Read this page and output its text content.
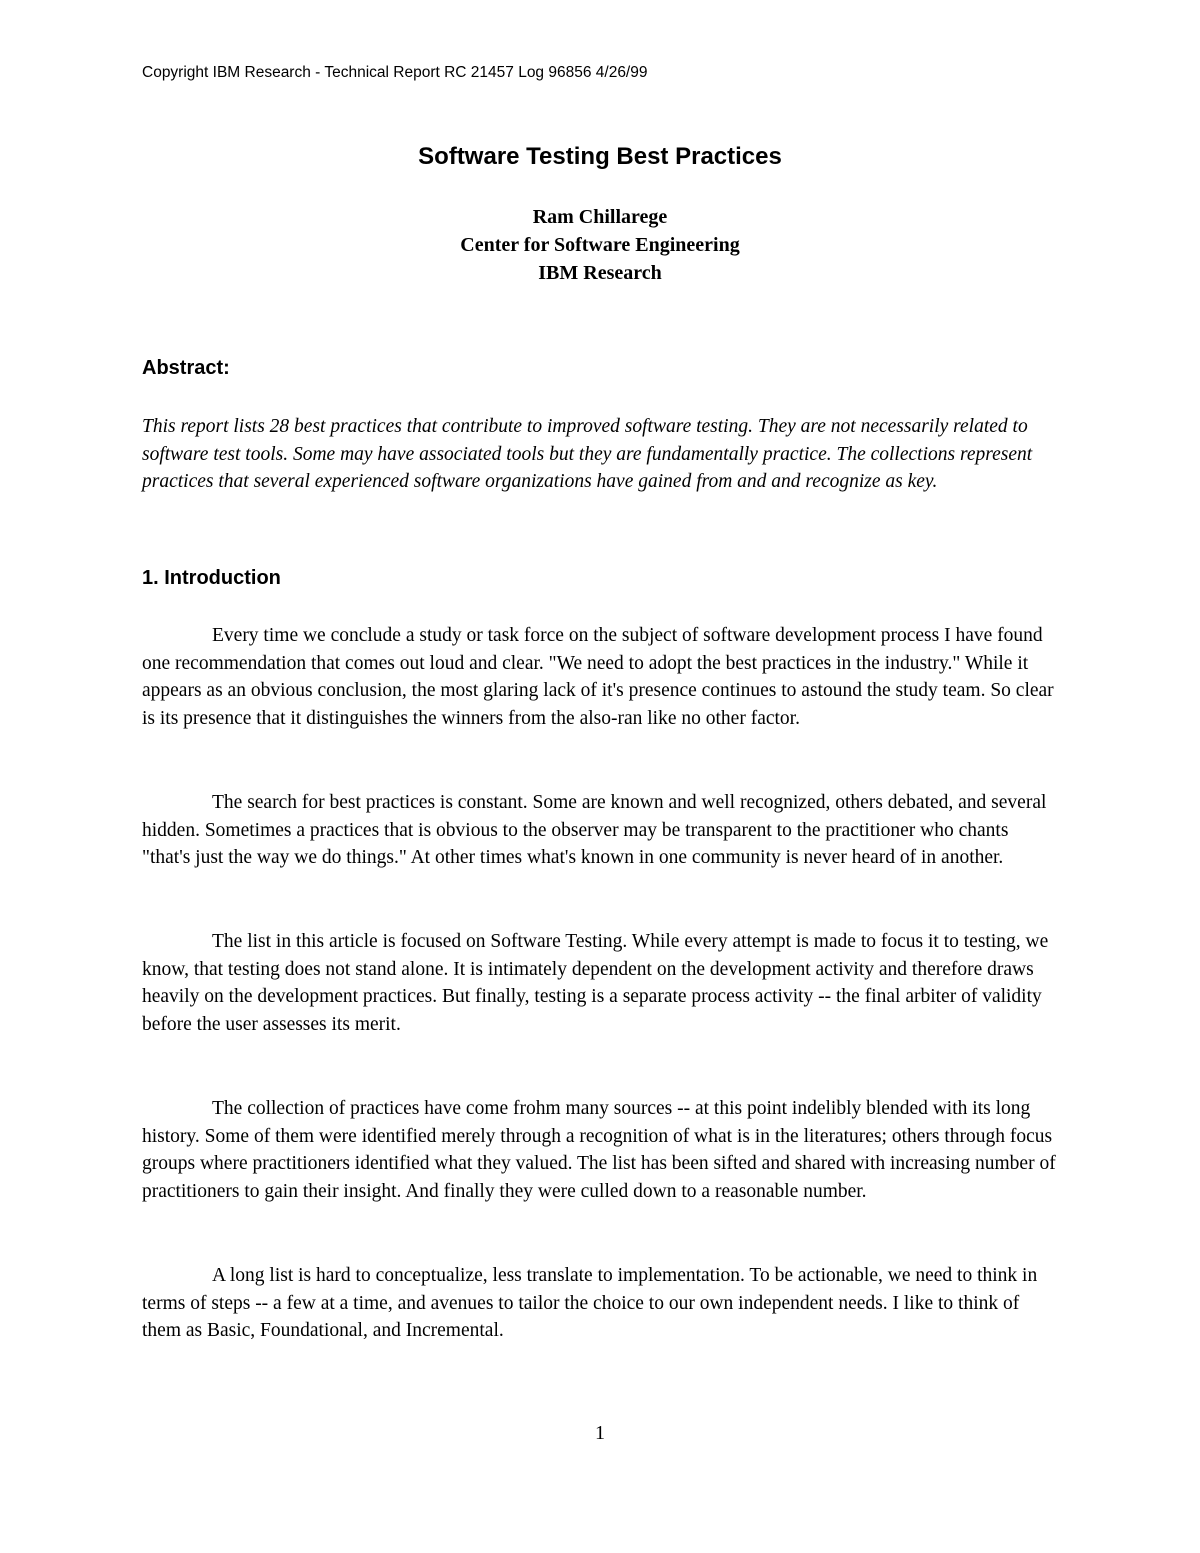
Copyright IBM Research - Technical Report RC 21457 Log 96856 4/26/99
Software Testing Best Practices
Ram Chillarege
Center for Software Engineering
IBM Research
Abstract:
This report lists 28 best practices that contribute to improved software testing. They are not necessarily related to software test tools. Some may have associated tools but they are fundamentally practice. The collections represent practices that several experienced software organizations have gained from and and recognize as key.
1. Introduction
Every time we conclude a study or task force on the subject of software development process I have found one recommendation that comes out loud and clear. "We need to adopt the best practices in the industry." While it appears as an obvious conclusion, the most glaring lack of it's presence continues to astound the study team. So clear is its presence that it distinguishes the winners from the also-ran like no other factor.
The search for best practices is constant. Some are known and well recognized, others debated, and several hidden. Sometimes a practices that is obvious to the observer may be transparent to the practitioner who chants "that's just the way we do things." At other times what's known in one community is never heard of in another.
The list in this article is focused on Software Testing. While every attempt is made to focus it to testing, we know, that testing does not stand alone. It is intimately dependent on the development activity and therefore draws heavily on the development practices. But finally, testing is a separate process activity -- the final arbiter of validity before the user assesses its merit.
The collection of practices have come frohm many sources -- at this point indelibly blended with its long history. Some of them were identified merely through a recognition of what is in the literatures; others through focus groups where practitioners identified what they valued. The list has been sifted and shared with increasing number of practitioners to gain their insight. And finally they were culled down to a reasonable number.
A long list is hard to conceptualize, less translate to implementation. To be actionable, we need to think in terms of steps -- a few at a time, and avenues to tailor the choice to our own independent needs. I like to think of them as Basic, Foundational, and Incremental.
1
